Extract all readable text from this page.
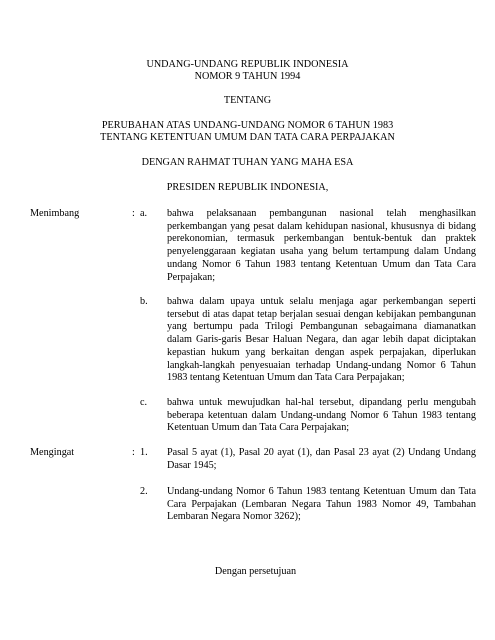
UNDANG-UNDANG REPUBLIK INDONESIA
NOMOR 9 TAHUN 1994
TENTANG
PERUBAHAN ATAS UNDANG-UNDANG NOMOR 6 TAHUN 1983
TENTANG KETENTUAN UMUM DAN TATA CARA PERPAJAKAN
DENGAN RAHMAT TUHAN YANG MAHA ESA
PRESIDEN REPUBLIK INDONESIA,
Menimbang	: a. bahwa pelaksanaan pembangunan nasional telah menghasilkan perkembangan yang pesat dalam kehidupan nasional, khususnya di bidang perekonomian, termasuk perkembangan bentuk-bentuk dan praktek penyelenggaraan kegiatan usaha yang belum tertampung dalam Undang undang Nomor 6 Tahun 1983 tentang Ketentuan Umum dan Tata Cara Perpajakan;
b. bahwa dalam upaya untuk selalu menjaga agar perkembangan seperti tersebut di atas dapat tetap berjalan sesuai dengan kebijakan pembangunan yang bertumpu pada Trilogi Pembangunan sebagaimana diamanatkan dalam Garis-garis Besar Haluan Negara, dan agar lebih dapat diciptakan kepastian hukum yang berkaitan dengan aspek perpajakan, diperlukan langkah-langkah penyesuaian terhadap Undang-undang Nomor 6 Tahun 1983 tentang Ketentuan Umum dan Tata Cara Perpajakan;
c. bahwa untuk mewujudkan hal-hal tersebut, dipandang perlu mengubah beberapa ketentuan dalam Undang-undang Nomor 6 Tahun 1983 tentang Ketentuan Umum dan Tata Cara Perpajakan;
Mengingat	: 1. Pasal 5 ayat (1), Pasal 20 ayat (1), dan Pasal 23 ayat (2) Undang Undang Dasar 1945;
2. Undang-undang Nomor 6 Tahun 1983 tentang Ketentuan Umum dan Tata Cara Perpajakan (Lembaran Negara Tahun 1983 Nomor 49, Tambahan Lembaran Negara Nomor 3262);
Dengan persetujuan
